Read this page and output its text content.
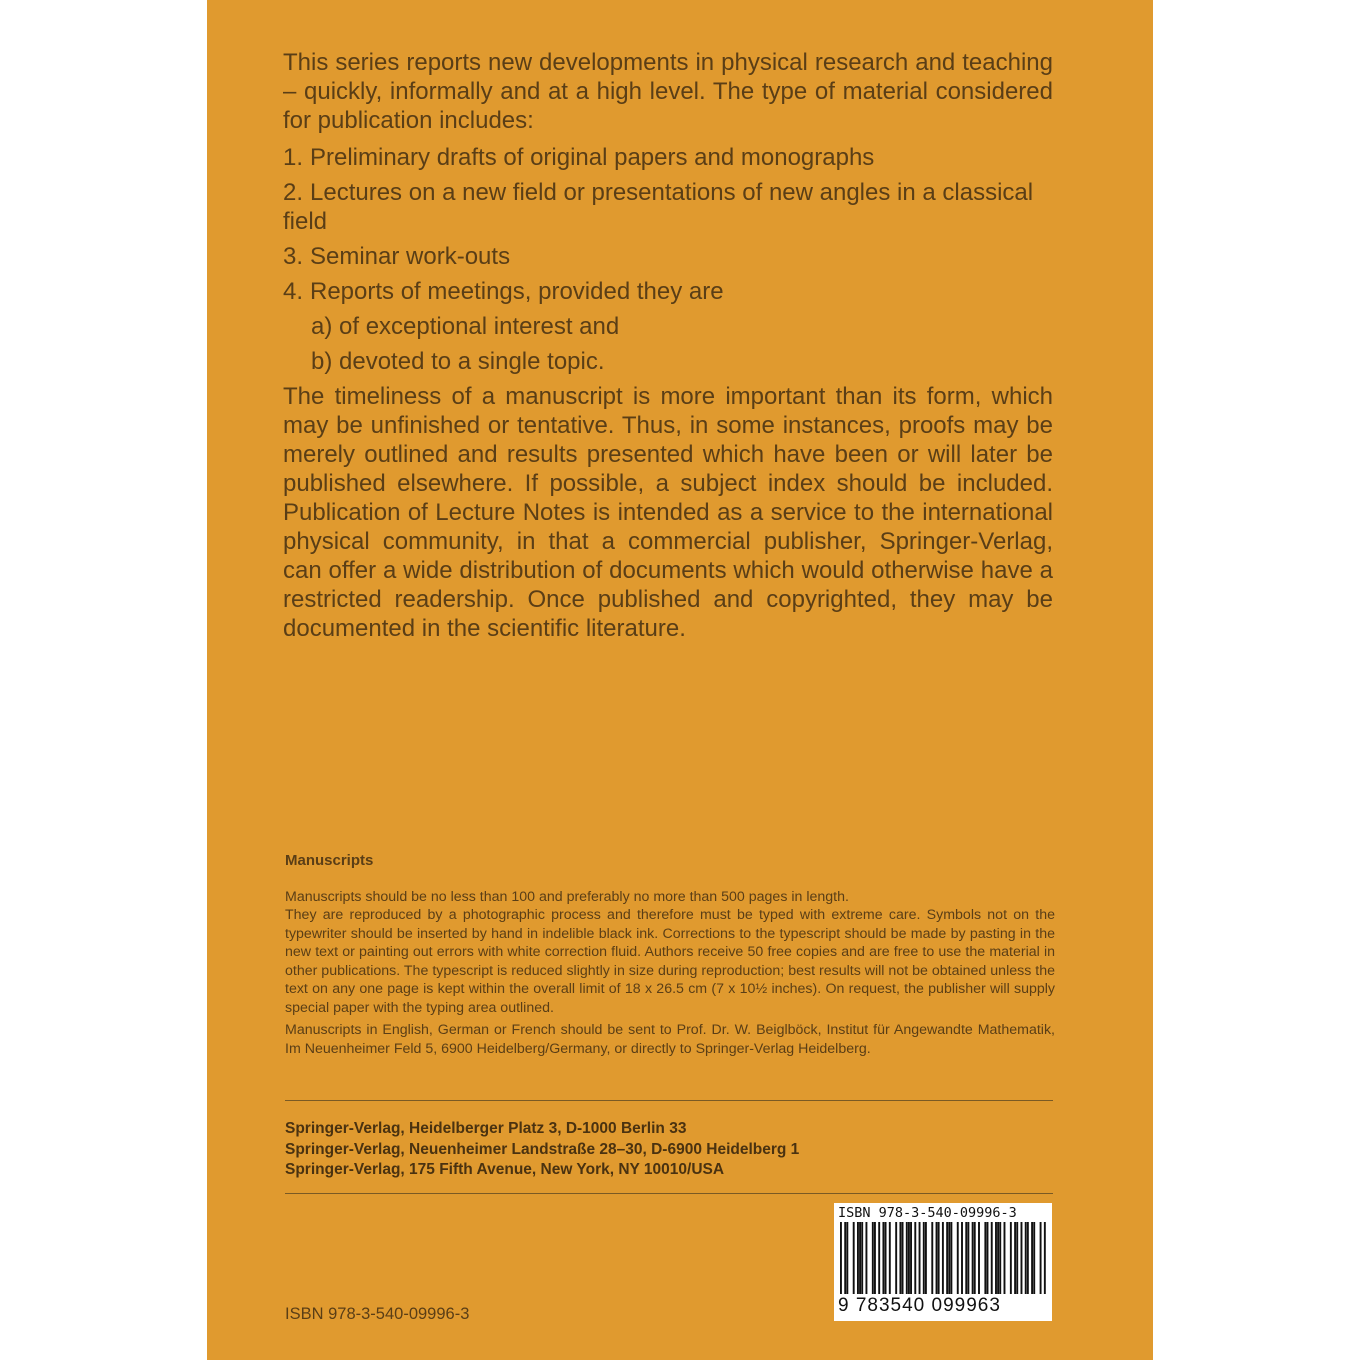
This series reports new developments in physical research and teaching – quickly, informally and at a high level. The type of material considered for publication includes:

1. Preliminary drafts of original papers and monographs
2. Lectures on a new field or presentations of new angles in a classical field
3. Seminar work-outs
4. Reports of meetings, provided they are
a) of exceptional interest and
b) devoted to a single topic.

The timeliness of a manuscript is more important than its form, which may be unfinished or tentative. Thus, in some instances, proofs may be merely outlined and results presented which have been or will later be published elsewhere. If possible, a subject index should be included. Publication of Lecture Notes is intended as a service to the international physical community, in that a commercial publisher, Springer-Verlag, can offer a wide distribution of documents which would otherwise have a restricted readership. Once published and copyrighted, they may be documented in the scientific literature.

Manuscripts

Manuscripts should be no less than 100 and preferably no more than 500 pages in length.

They are reproduced by a photographic process and therefore must be typed with extreme care. Symbols not on the typewriter should be inserted by hand in indelible black ink. Corrections to the typescript should be made by pasting in the new text or painting out errors with white correction fluid. Authors receive 50 free copies and are free to use the material in other publications. The typescript is reduced slightly in size during reproduction; best results will not be obtained unless the text on any one page is kept within the overall limit of 18 x 26.5 cm (7 x 10½ inches). On request, the publisher will supply special paper with the typing area outlined.

Manuscripts in English, German or French should be sent to Prof. Dr. W. Beiglböck, Institut für Angewandte Mathematik, Im Neuenheimer Feld 5, 6900 Heidelberg/Germany, or directly to Springer-Verlag Heidelberg.

Springer-Verlag, Heidelberger Platz 3, D-1000 Berlin 33
Springer-Verlag, Neuenheimer Landstraße 28–30, D-6900 Heidelberg 1
Springer-Verlag, 175 Fifth Avenue, New York, NY 10010/USA
ISBN 978-3-540-09996-3
9 783540 099963
ISBN 978-3-540-09996-3
